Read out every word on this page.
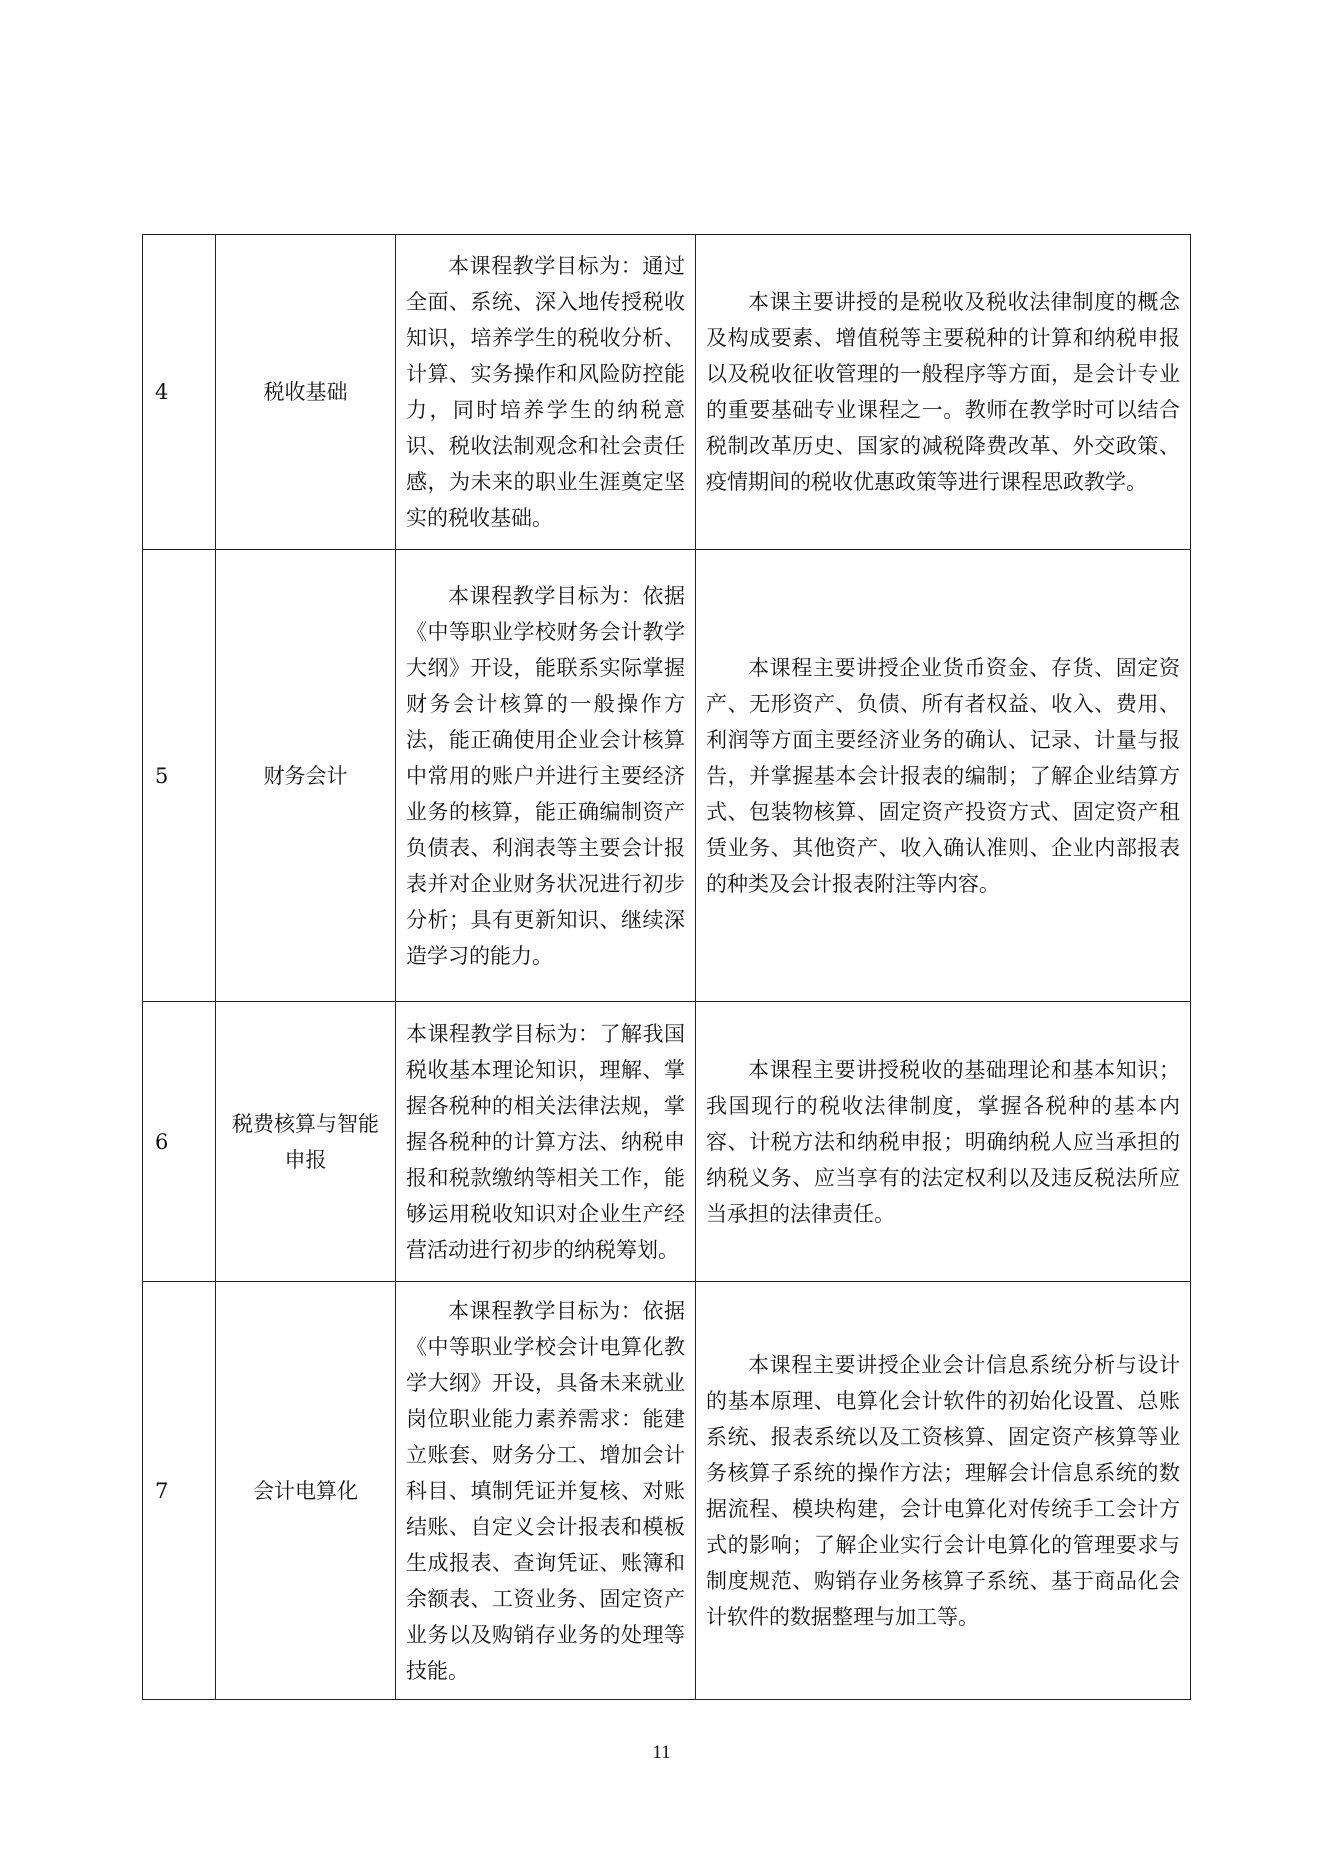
4	税收基础	本课程教学目标为：通过全面、系统、深入地传授税收知识，培养学生的税收分析、计算、实务操作和风险防控能力，同时培养学生的纳税意识、税收法制观念和社会责任感，为未来的职业生涯奠定坚实的税收基础。	本课主要讲授的是税收及税收法律制度的概念及构成要素、增值税等主要税种的计算和纳税申报以及税收征收管理的一般程序等方面，是会计专业的重要基础专业课程之一。教师在教学时可以结合税制改革历史、国家的减税降费改革、外交政策、疫情期间的税收优惠政策等进行课程思政教学。
5	财务会计	本课程教学目标为：依据《中等职业学校财务会计教学大纲》开设，能联系实际掌握财务会计核算的一般操作方法，能正确使用企业会计核算中常用的账户并进行主要经济业务的核算，能正确编制资产负债表、利润表等主要会计报表并对企业财务状况进行初步分析；具有更新知识、继续深造学习的能力。	本课程主要讲授企业货币资金、存货、固定资产、无形资产、负债、所有者权益、收入、费用、利润等方面主要经济业务的确认、记录、计量与报告，并掌握基本会计报表的编制；了解企业结算方式、包装物核算、固定资产投资方式、固定资产租赁业务、其他资产、收入确认准则、企业内部报表的种类及会计报表附注等内容。
6	税费核算与智能申报	本课程教学目标为：了解我国税收基本理论知识，理解、掌握各税种的相关法律法规，掌握各税种的计算方法、纳税申报和税款缴纳等相关工作，能够运用税收知识对企业生产经营活动进行初步的纳税筹划。	本课程主要讲授税收的基础理论和基本知识；我国现行的税收法律制度，掌握各税种的基本内容、计税方法和纳税申报；明确纳税人应当承担的纳税义务、应当享有的法定权利以及违反税法所应当承担的法律责任。
7	会计电算化	本课程教学目标为：依据《中等职业学校会计电算化教学大纲》开设，具备未来就业岗位职业能力素养需求：能建立账套、财务分工、增加会计科目、填制凭证并复核、对账结账、自定义会计报表和模板生成报表、查询凭证、账簿和余额表、工资业务、固定资产业务以及购销存业务的处理等技能。	本课程主要讲授企业会计信息系统分析与设计的基本原理、电算化会计软件的初始化设置、总账系统、报表系统以及工资核算、固定资产核算等业务核算子系统的操作方法；理解会计信息系统的数据流程、模块构建，会计电算化对传统手工会计方式的影响；了解企业实行会计电算化的管理要求与制度规范、购销存业务核算子系统、基于商品化会计软件的数据整理与加工等。
11
